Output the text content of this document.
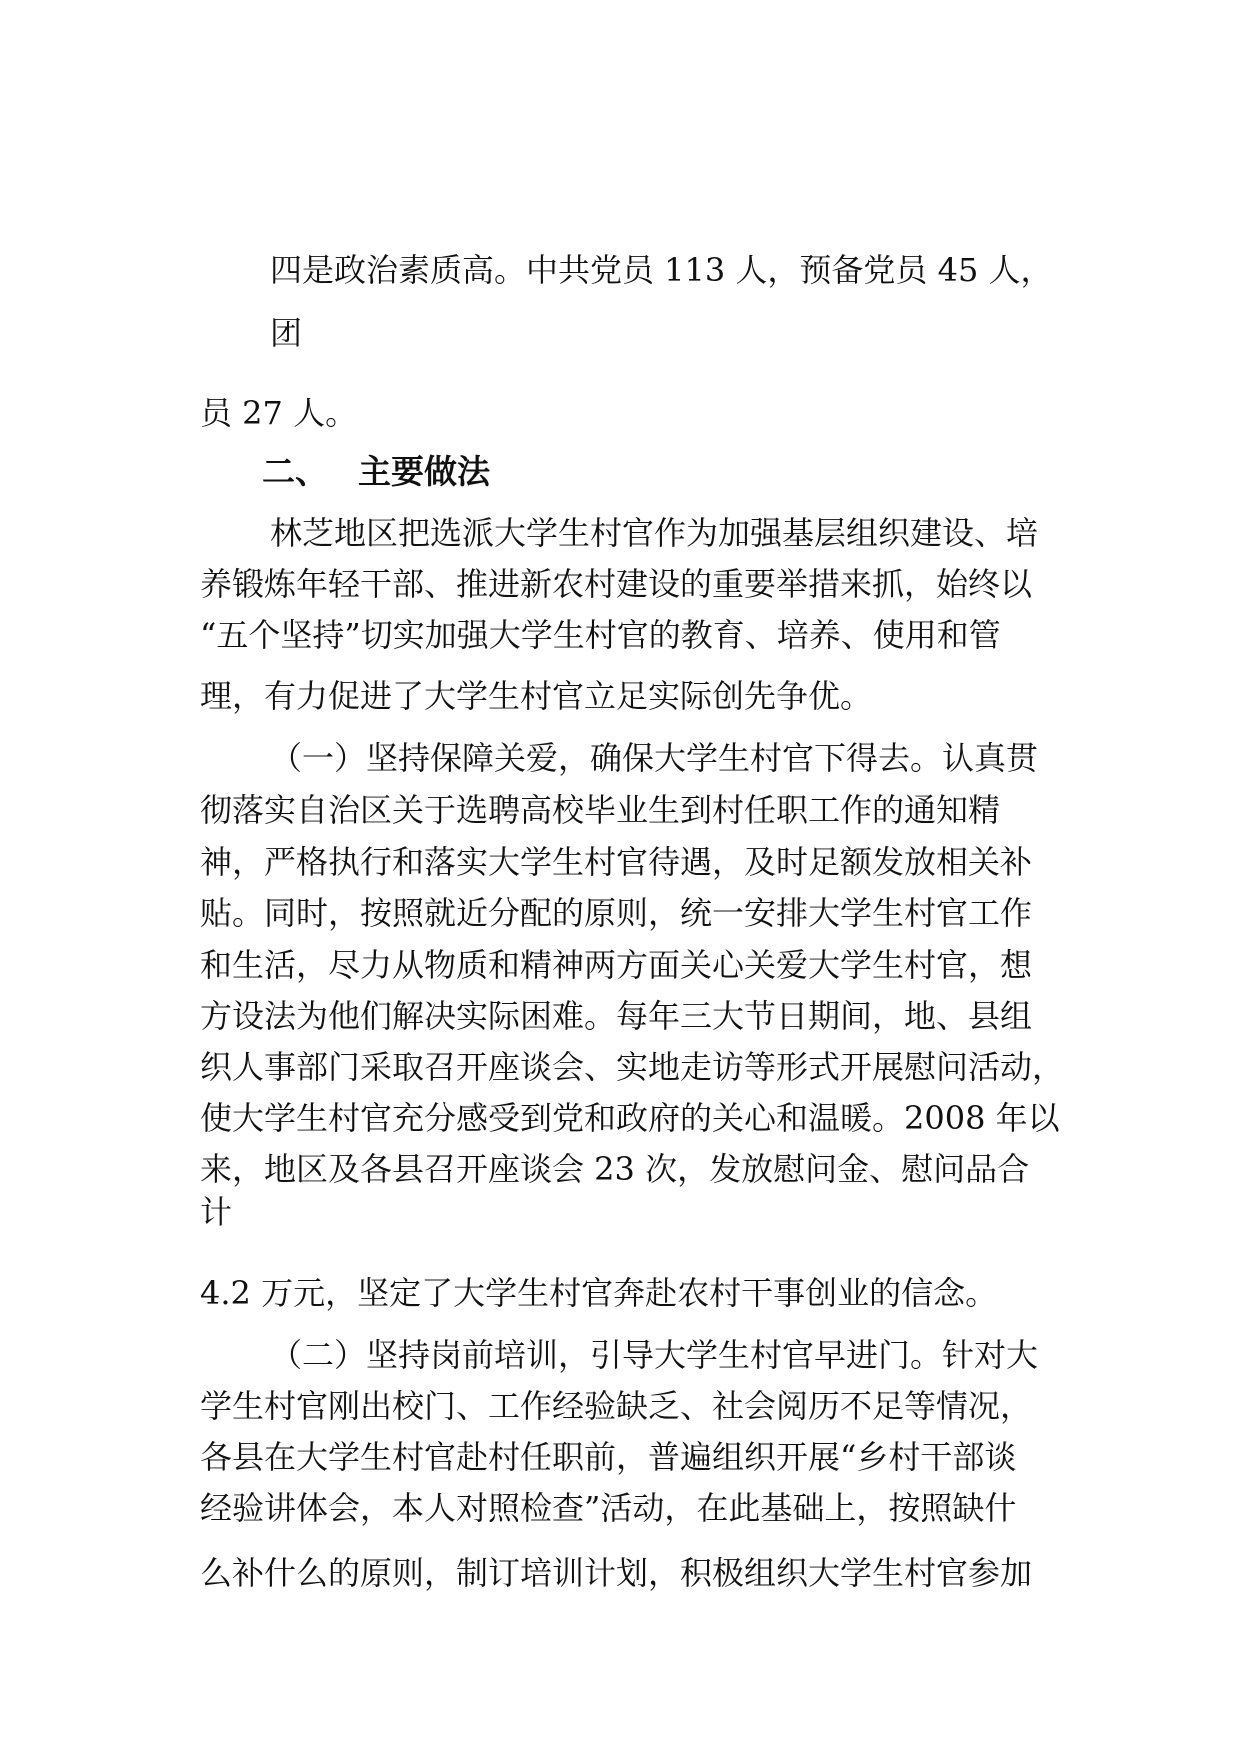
四是政治素质高。中共党员 113 人，预备党员 45 人，
团
员 27 人。
二、 主要做法
林芝地区把选派大学生村官作为加强基层组织建设、培
养锻炼年轻干部、推进新农村建设的重要举措来抓，始终以
“五个坚持”切实加强大学生村官的教育、培养、使用和管
理，有力促进了大学生村官立足实际创先争优。
（一）坚持保障关爱，确保大学生村官下得去。认真贯
彻落实自治区关于选聘高校毕业生到村任职工作的通知精
神，严格执行和落实大学生村官待遇，及时足额发放相关补
贴。同时，按照就近分配的原则，统一安排大学生村官工作
和生活，尽力从物质和精神两方面关心关爱大学生村官，想
方设法为他们解决实际困难。每年三大节日期间，地、县组
织人事部门采取召开座谈会、实地走访等形式开展慰问活动，
使大学生村官充分感受到党和政府的关心和温暖。2008 年以
来，地区及各县召开座谈会 23 次，发放慰问金、慰问品合
计
4.2 万元，坚定了大学生村官奔赴农村干事创业的信念。
（二）坚持岗前培训，引导大学生村官早进门。针对大
学生村官刚出校门、工作经验缺乏、社会阅历不足等情况，
各县在大学生村官赴村任职前，普遍组织开展“乡村干部谈
经验讲体会，本人对照检查”活动，在此基础上，按照缺什
么补什么的原则，制订培训计划，积极组织大学生村官参加
